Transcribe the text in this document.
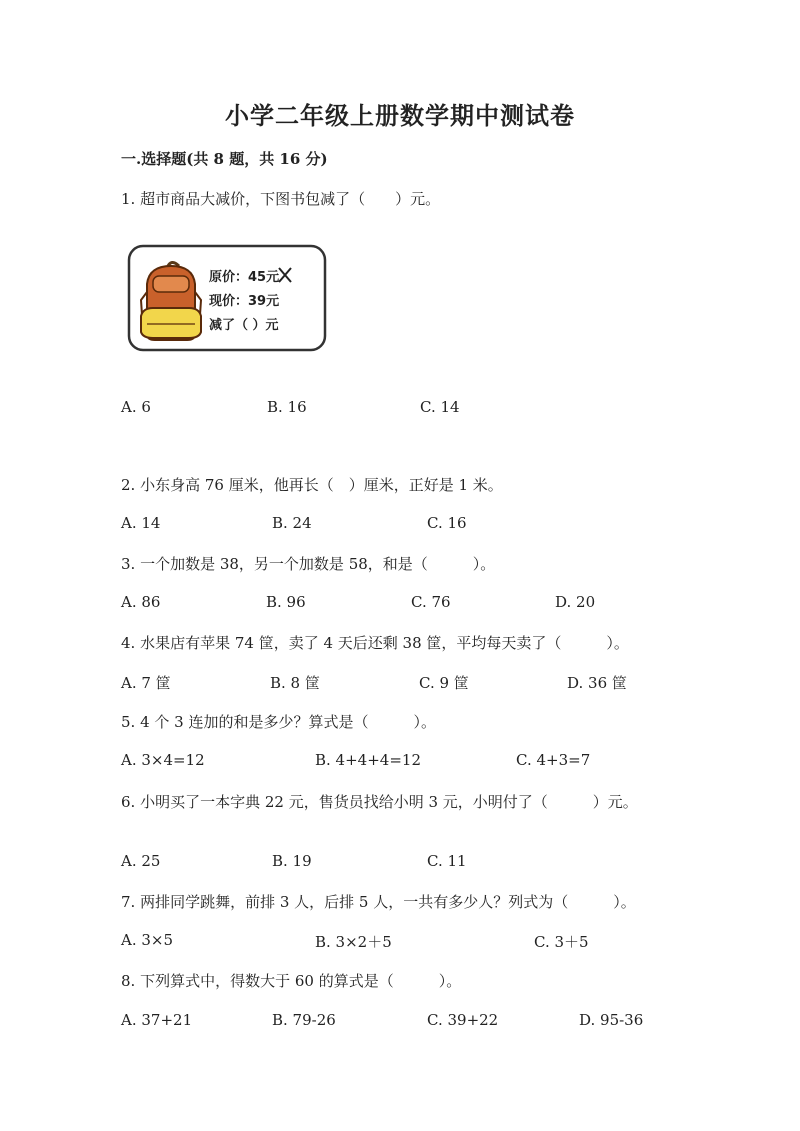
小学二年级上册数学期中测试卷
一.选择题(共 8 题，共 16 分)
1. 超市商品大减价，下图书包减了（　　）元。
原价：45元
现价：39元
减了（ ）元
A. 6	B. 16	C. 14
2. 小东身高 76 厘米，他再长（　）厘米，正好是 1 米。
A. 14	B. 24	C. 16
3. 一个加数是 38，另一个加数是 58，和是（　　　）。
A. 86	B. 96	C. 76	D. 20
4. 水果店有苹果 74 筐，卖了 4 天后还剩 38 筐，平均每天卖了（　　　）。
A. 7 筐	B. 8 筐	C. 9 筐	D. 36 筐
5. 4 个 3 连加的和是多少？算式是（　　　）。
A. 3×4=12	B. 4+4+4=12	C. 4+3=7
6. 小明买了一本字典 22 元，售货员找给小明 3 元，小明付了（　　　）元。
A. 25	B. 19	C. 11
7. 两排同学跳舞，前排 3 人，后排 5 人，一共有多少人？列式为（　　　）。
A. 3×5	B. 3×2＋5	C. 3＋5
8. 下列算式中，得数大于 60 的算式是（　　　）。
A. 37+21	B. 79-26	C. 39+22	D. 95-36
